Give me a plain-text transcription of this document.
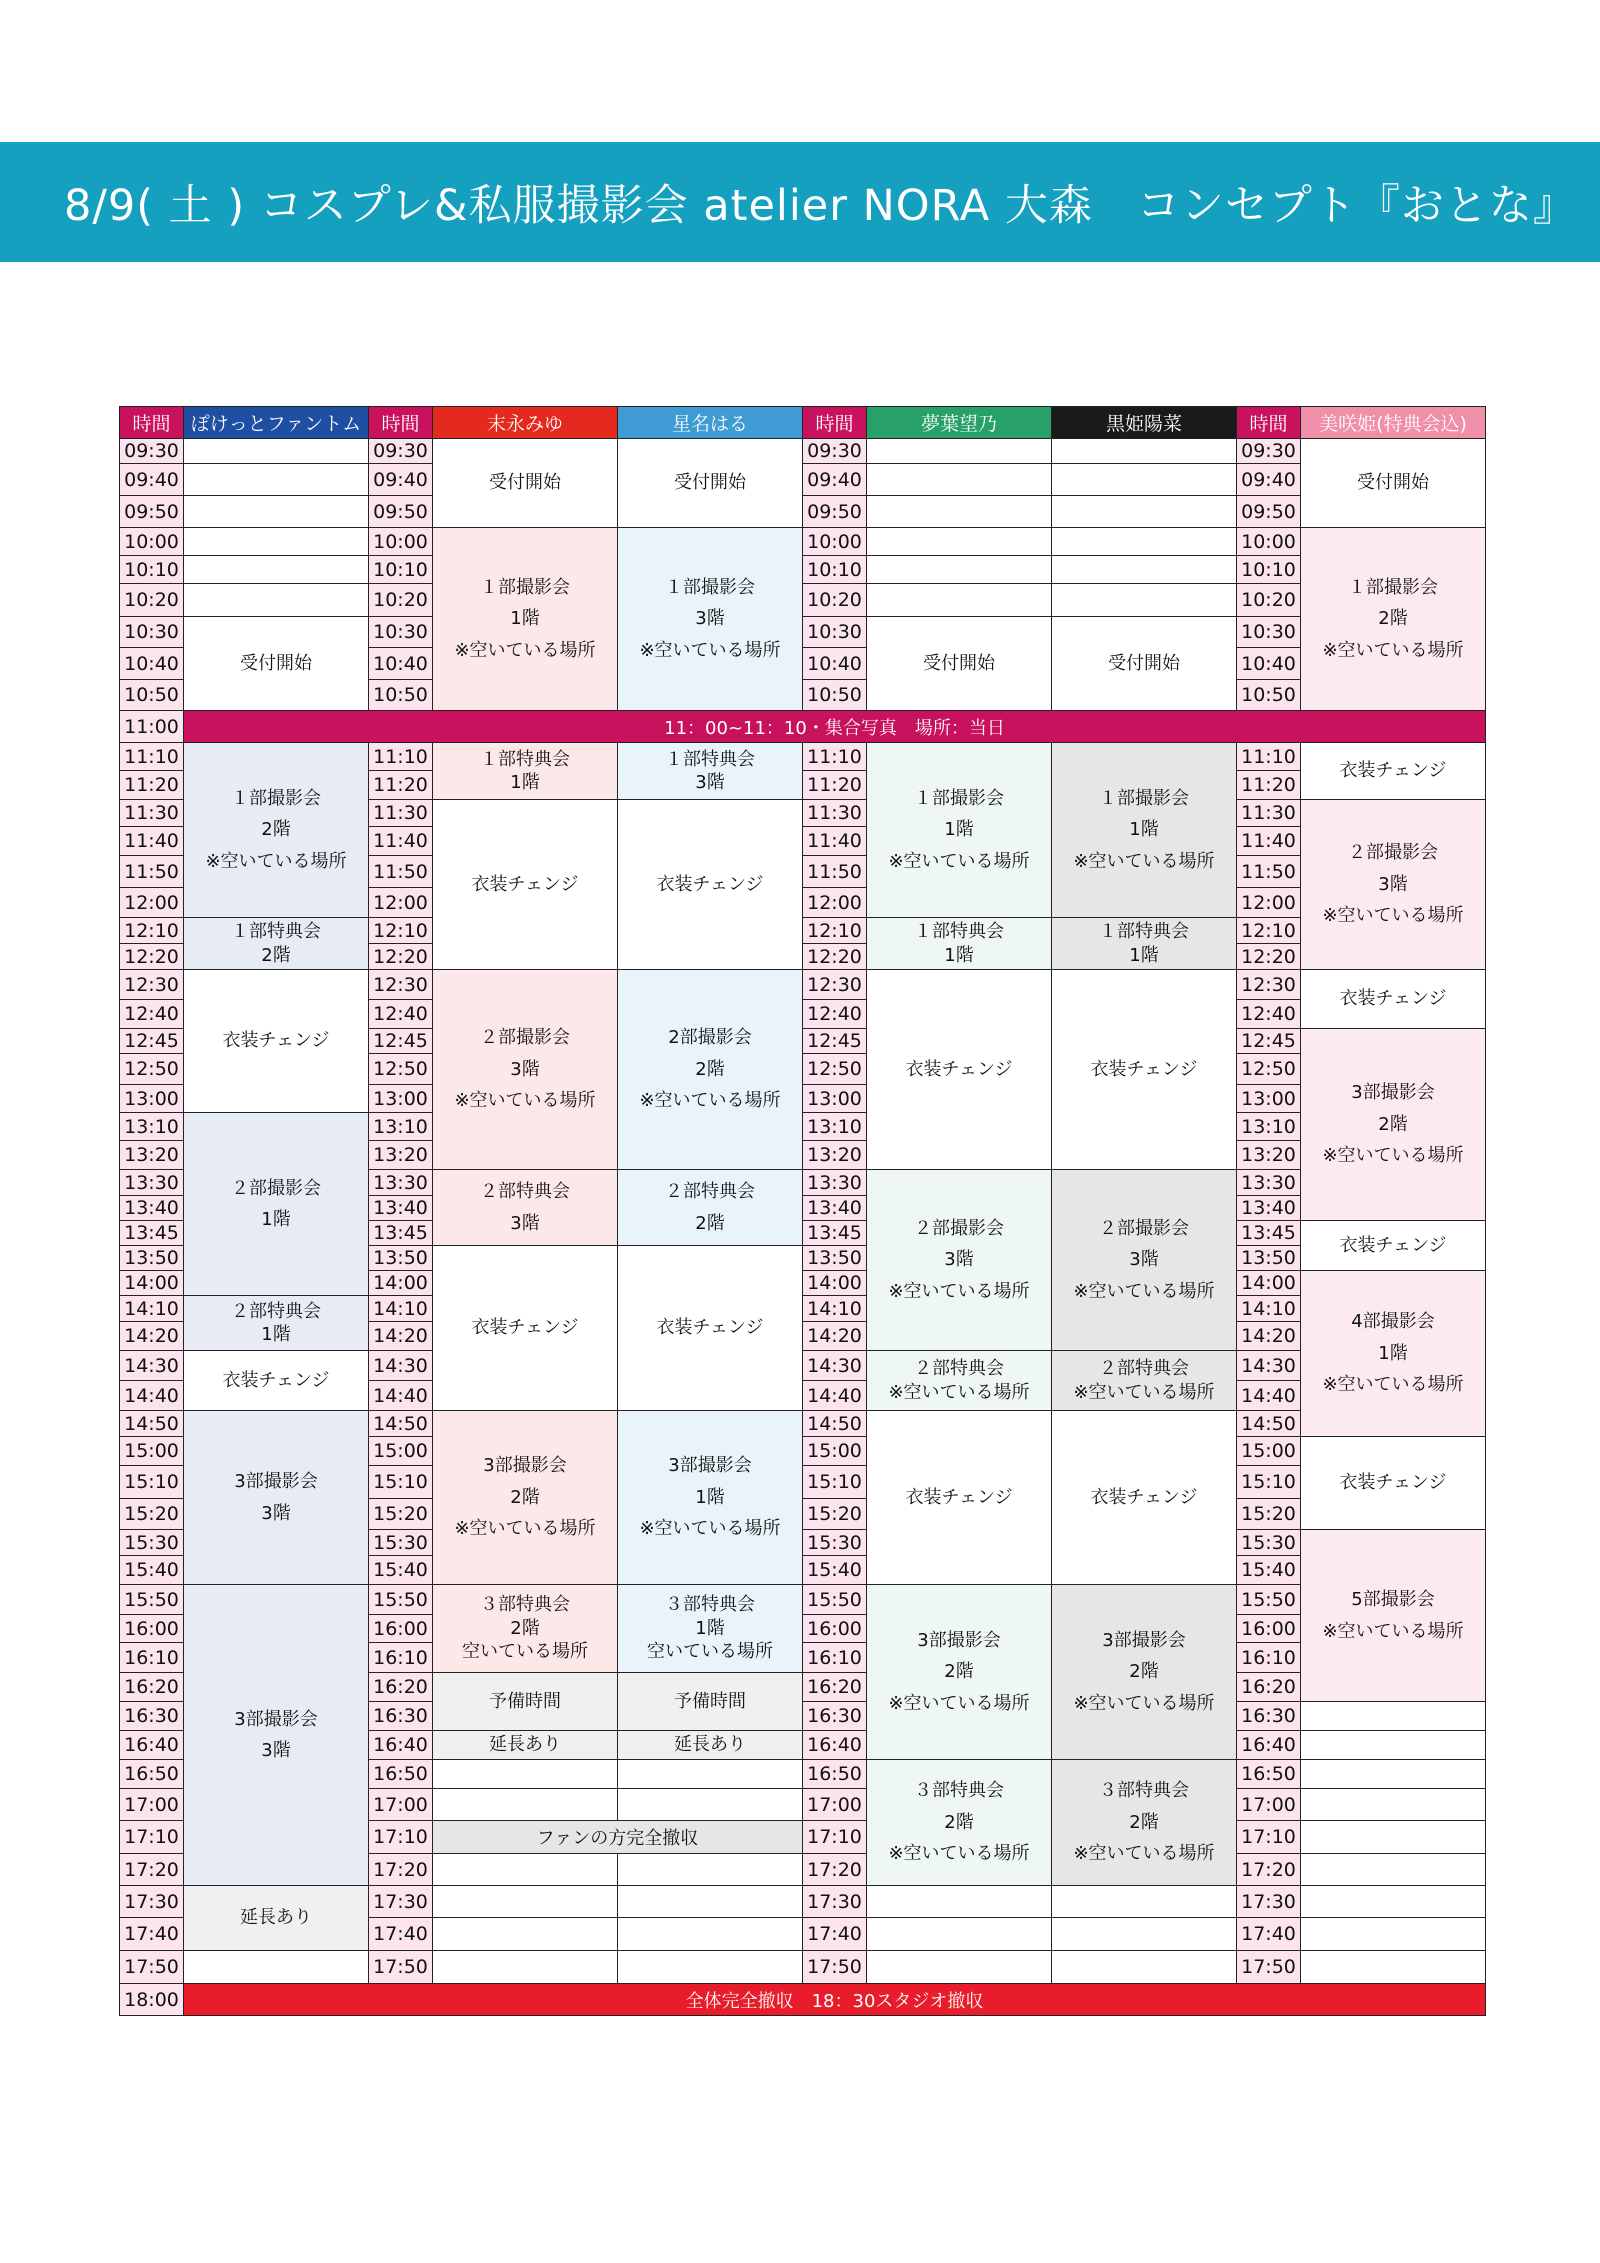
8/9( 土 ) コスプレ&私服撮影会 atelier NORA 大森　コンセプト『おとな』
時間
09:30
09:40
09:50
10:00
10:10
10:20
10:30
10:40
10:50
11:00
11:10
11:20
11:30
11:40
11:50
12:00
12:10
12:20
12:30
12:40
12:45
12:50
13:00
13:10
13:20
13:30
13:40
13:45
13:50
14:00
14:10
14:20
14:30
14:40
14:50
15:00
15:10
15:20
15:30
15:40
15:50
16:00
16:10
16:20
16:30
16:40
16:50
17:00
17:10
17:20
17:30
17:40
17:50
18:00
ぽけっとファントム
受付開始
１部撮影会
2階
※空いている場所
１部特典会
2階
衣装チェンジ
２部撮影会
1階
２部特典会
1階
衣装チェンジ
3部撮影会
3階
3部撮影会
3階
延長あり
時間
09:30
09:40
09:50
10:00
10:10
10:20
10:30
10:40
10:50
11:10
11:20
11:30
11:40
11:50
12:00
12:10
12:20
12:30
12:40
12:45
12:50
13:00
13:10
13:20
13:30
13:40
13:45
13:50
14:00
14:10
14:20
14:30
14:40
14:50
15:00
15:10
15:20
15:30
15:40
15:50
16:00
16:10
16:20
16:30
16:40
16:50
17:00
17:10
17:20
17:30
17:40
17:50
末永みゆ
受付開始
１部撮影会
1階
※空いている場所
１部特典会
1階
衣装チェンジ
２部撮影会
3階
※空いている場所
２部特典会
3階
衣装チェンジ
3部撮影会
2階
※空いている場所
３部特典会
2階
空いている場所
予備時間
延長あり
星名はる
受付開始
１部撮影会
3階
※空いている場所
１部特典会
3階
衣装チェンジ
2部撮影会
2階
※空いている場所
２部特典会
2階
衣装チェンジ
3部撮影会
1階
※空いている場所
３部特典会
1階
空いている場所
予備時間
延長あり
時間
09:30
09:40
09:50
10:00
10:10
10:20
10:30
10:40
10:50
11:10
11:20
11:30
11:40
11:50
12:00
12:10
12:20
12:30
12:40
12:45
12:50
13:00
13:10
13:20
13:30
13:40
13:45
13:50
14:00
14:10
14:20
14:30
14:40
14:50
15:00
15:10
15:20
15:30
15:40
15:50
16:00
16:10
16:20
16:30
16:40
16:50
17:00
17:10
17:20
17:30
17:40
17:50
夢葉望乃
受付開始
１部撮影会
1階
※空いている場所
１部特典会
1階
衣装チェンジ
２部撮影会
3階
※空いている場所
２部特典会
※空いている場所
衣装チェンジ
3部撮影会
2階
※空いている場所
３部特典会
2階
※空いている場所
黒姫陽菜
受付開始
１部撮影会
1階
※空いている場所
１部特典会
1階
衣装チェンジ
２部撮影会
3階
※空いている場所
２部特典会
※空いている場所
衣装チェンジ
3部撮影会
2階
※空いている場所
３部特典会
2階
※空いている場所
時間
09:30
09:40
09:50
10:00
10:10
10:20
10:30
10:40
10:50
11:10
11:20
11:30
11:40
11:50
12:00
12:10
12:20
12:30
12:40
12:45
12:50
13:00
13:10
13:20
13:30
13:40
13:45
13:50
14:00
14:10
14:20
14:30
14:40
14:50
15:00
15:10
15:20
15:30
15:40
15:50
16:00
16:10
16:20
16:30
16:40
16:50
17:00
17:10
17:20
17:30
17:40
17:50
美咲姫(特典会込)
受付開始
１部撮影会
2階
※空いている場所
衣装チェンジ
２部撮影会
3階
※空いている場所
衣装チェンジ
3部撮影会
2階
※空いている場所
衣装チェンジ
4部撮影会
1階
※空いている場所
衣装チェンジ
5部撮影会
※空いている場所
11：00~11：10・集合写真　場所：当日
ファンの方完全撤収
全体完全撤収　18：30スタジオ撤収
